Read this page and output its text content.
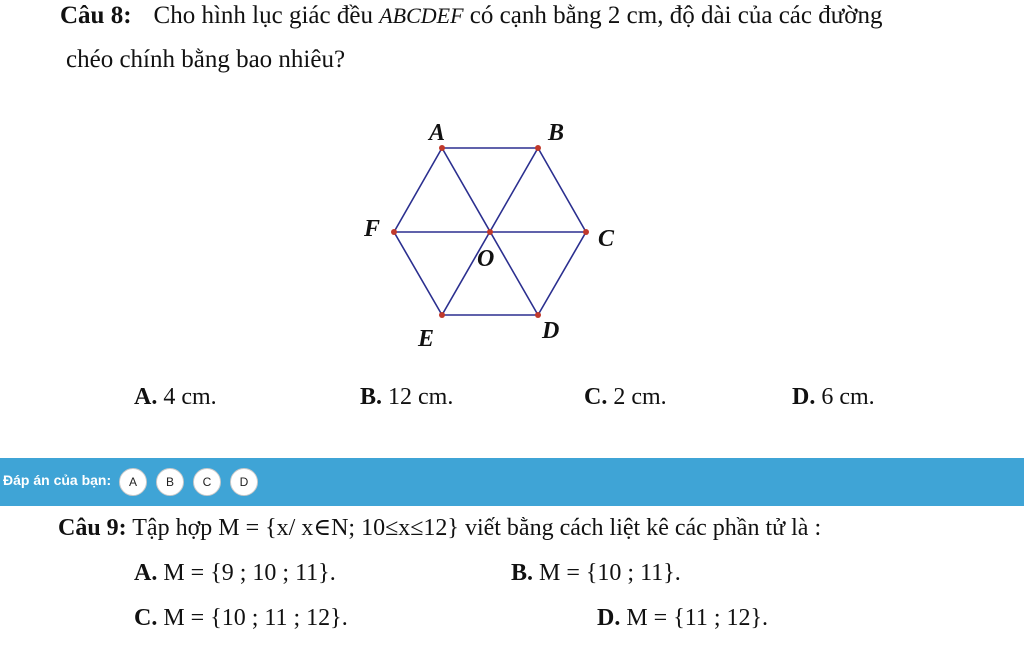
Câu 8: Cho hình lục giác đều ABCDEF có cạnh bằng 2 cm, độ dài của các đường
chéo chính bằng bao nhiêu?
A	B
C
D
E
F
O
A. 4 cm.	B. 12 cm.	C. 2 cm.	D. 6 cm.
Đáp án của bạn:	A	B	C	D
Câu 9: Tập hợp M = {x/ x∈N; 10≤x≤12} viết bằng cách liệt kê các phần tử là :
A. M = {9 ; 10 ; 11}.	B. M = {10 ; 11}.
C. M = {10 ; 11 ; 12}.	D. M = {11 ; 12}.
